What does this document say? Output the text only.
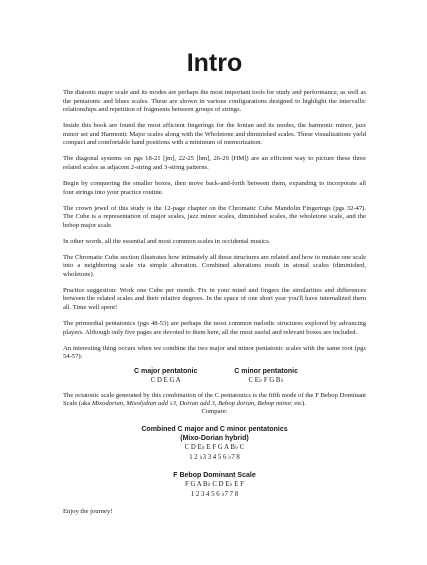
Intro

The diatonic major scale and its modes are perhaps the most important tools for study and performance, as well as the pentatonic and blues scales. These are shown in various configurations designed to highlight the intervallic relationships and repetition of fragments between groups of strings.

Inside this book are found the most efficient fingerings for the Ionian and its modes, the harmonic minor, jazz minor set and Harmonic Major scales along with the Wholetone and diminished scales. These visualizations yield compact and comfortable hand positions with a minimum of memorization.

The diagonal systems on pgs 18-21 [jm], 22-25 [hm], 26-29 [HM]) are an efficient way to picture these three related scales as adjacent 2-string and 3-string patterns.

Begin by conquering the smaller boxes, then move back-and-forth between them, expanding to incorporate all four strings into your practice routine.

The crown jewel of this study is the 12-page chapter on the Chromatic Cube Mandolin Fingerings (pgs 32-47). The Cube is a representation of major scales, jazz minor scales, diminished scales, the wholetone scale, and the bebop major scale.

In other words, all the essential and most common scales in occidental musics.

The Chromatic Cube section illustrates how intimately all these structures are related and how to mutate one scale into a neighboring scale via simple alteration. Combined alterations result in atonal scales (diminished, wholetone).

Practice suggestion: Work one Cube per month. Fix in your mind and fingers the similarities and differences between the related scales and their relative degrees. In the space of one short year you'll have internalized them all. Time well spent!

The primordial pentatonics (pgs 48-53) are perhaps the most common melodic structures explored by advancing players. Although only five pages are devoted to them here, all the most useful and relevant boxes are included.

An interesting thing occurs when we combine the two major and minor pentatonic scales with the same root (pgs 54-57):

C major pentatonic
C D E G A
C minor pentatonic
C E♭ F G B♭

The octatonic scale generated by this combination of the C pentatonics is the fifth mode of the F Bebop Dominant Scale (aka Mixodorian, Mixolydian add ♭3, Dorian add 3, Bebop dorian, Bebop minor, etc).

Compare:
Combined C major and C minor pentatonics
(Mixo-Dorian hybrid)
C D E♭ E F G A B♭ C
1 2 ♭3 3 4 5 6 ♭7 8
F Bebop Dominant Scale
F G A B♭ C D E♭ E F
1 2 3 4 5 6 ♭7 7 8
Enjoy the journey!
